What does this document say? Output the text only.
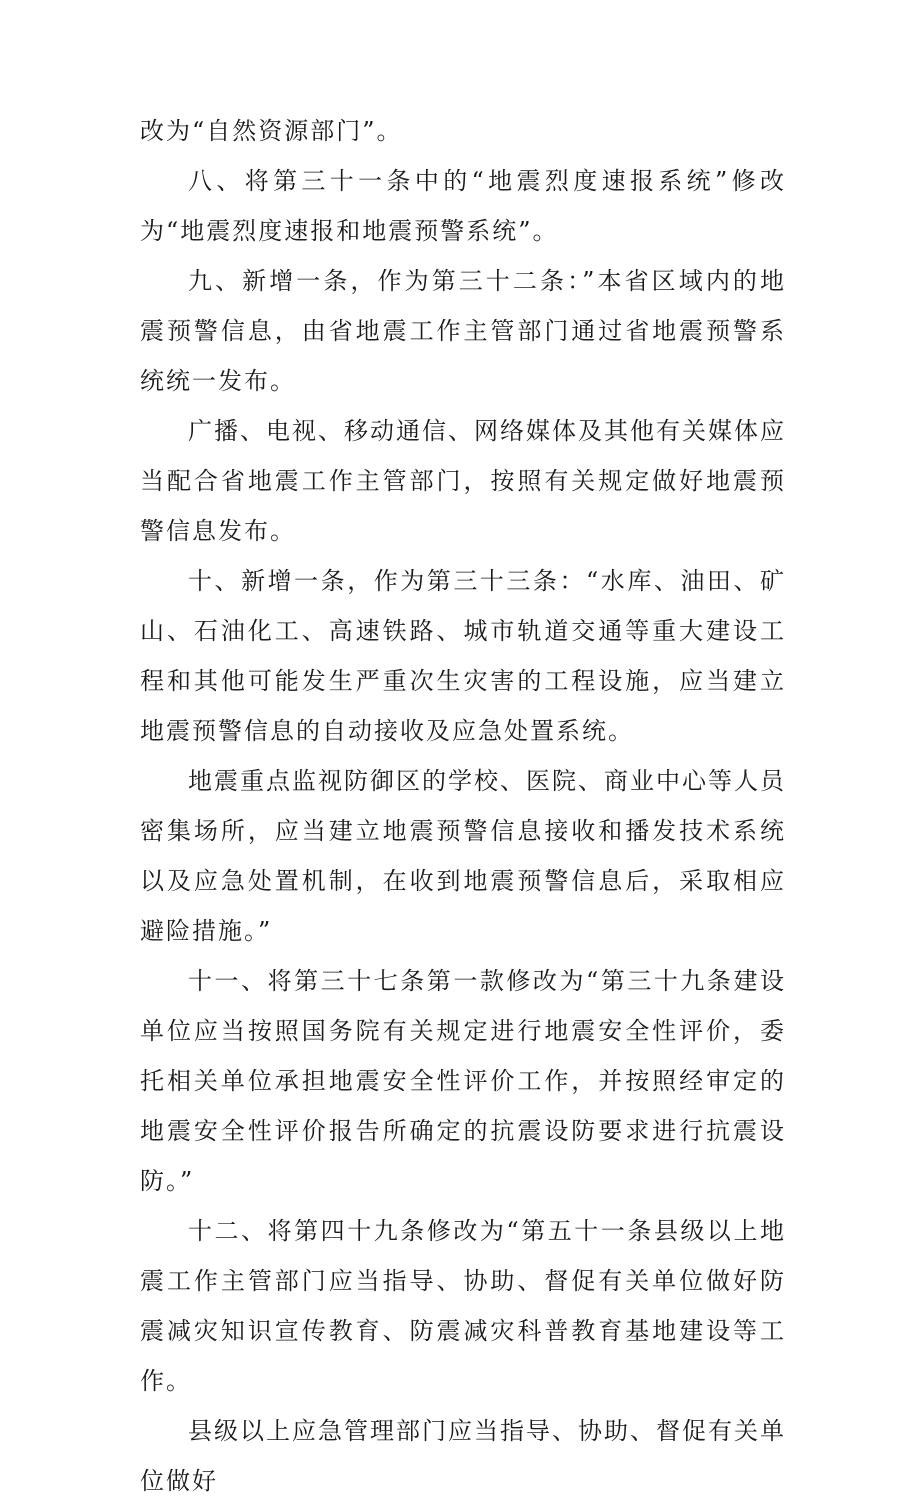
改为“自然资源部门”。

八、将第三十一条中的“地震烈度速报系统”修改为“地震烈度速报和地震预警系统”。

九、新增一条，作为第三十二条：”本省区域内的地震预警信息，由省地震工作主管部门通过省地震预警系统统一发布。

广播、电视、移动通信、网络媒体及其他有关媒体应当配合省地震工作主管部门，按照有关规定做好地震预警信息发布。

十、新增一条，作为第三十三条：“水库、油田、矿山、石油化工、高速铁路、城市轨道交通等重大建设工程和其他可能发生严重次生灾害的工程设施，应当建立地震预警信息的自动接收及应急处置系统。

地震重点监视防御区的学校、医院、商业中心等人员密集场所，应当建立地震预警信息接收和播发技术系统以及应急处置机制，在收到地震预警信息后，采取相应避险措施。”

十一、将第三十七条第一款修改为“第三十九条建设单位应当按照国务院有关规定进行地震安全性评价，委托相关单位承担地震安全性评价工作，并按照经审定的地震安全性评价报告所确定的抗震设防要求进行抗震设防。”

十二、将第四十九条修改为“第五十一条县级以上地震工作主管部门应当指导、协助、督促有关单位做好防震减灾知识宣传教育、防震减灾科普教育基地建设等工作。

县级以上应急管理部门应当指导、协助、督促有关单位做好
